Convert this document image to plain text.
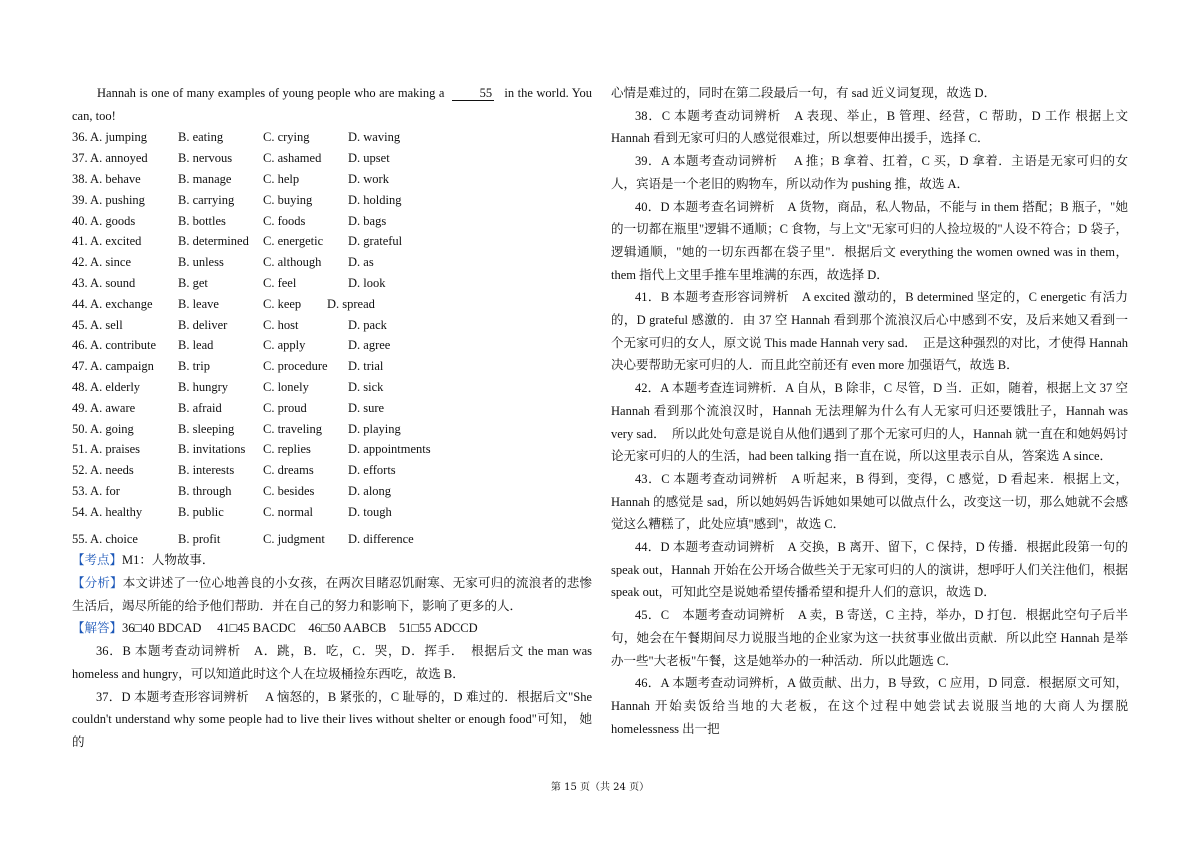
Hannah is one of many examples of young people who are making a	55 in the world. You can, too!

36. A. jumping B. eating	C. crying	D. waving
37. A. annoyed B. nervous C. ashamed D. upset
38. A. behave	B. manage	C. help	D. work
39. A. pushing	B. carrying C. buying	D. holding
40. A. goods	B. bottles	C. foods	D. bags
41. A. excited	B. determined C. energetic D. grateful
42. A. since	B. unless	C. although D. as
43. A. sound	B. get	C. feel	D. look
44. A. exchange B. leave	C. keep D. spread
45. A. sell	B. deliver	C. host	D. pack
46. A. contribute B. lead	C. apply	D. agree
47. A. campaign B. trip	C. procedure D. trial
48. A. elderly	B. hungry	C. lonely	D. sick
49. A. aware	B. afraid	C. proud	D. sure
50. A. going	B. sleeping C. traveling D. playing
51. A. praises	B. invitations C. replies	D. appointments
52. A. needs	B. interests C. dreams	D. efforts
53. A. for	B. through	C. besides	D. along
54. A. healthy	B. public	C. normal	D. tough
55. A. choice	B. profit	C. judgment D. difference

【考点】M1：人物故事．

【分析】本文讲述了一位心地善良的小女孩，在两次目睹忍饥耐寒、无家可归的流浪者的悲惨生活后，竭尽所能的给予他们帮助．并在自己的努力和影响下，影响了更多的人．

【解答】36□40 BDCAD　 41□45 BACDC　46□50 AABCB　51□55 ADCCD

36．B 本题考查动词辨析　A．跳，B．吃，C．哭，D．挥手．　根据后文 the man was homeless and hungry，可以知道此时这个人在垃圾桶捡东西吃，故选 B．

37．D 本题考查形容词辨析　 A 恼怒的，B 紧张的，C 耻辱的，D 难过的．根据后文"She couldn't understand why some people had to live their lives without shelter or enough food"可知， 她的

心情是难过的，同时在第二段最后一句，有 sad 近义词复现，故选 D．

38．C 本题考查动词辨析　A 表现、举止，B 管理、经营，C 帮助，D 工作 根据上文 Hannah 看到无家可归的人感觉很难过，所以想要伸出援手，选择 C．

39．A 本题考查动词辨析　 A 推；B 拿着、扛着，C 买，D 拿着．主语是无家可归的女人，宾语是一个老旧的购物车，所以动作为 pushing 推，故选 A．

40．D 本题考查名词辨析　A 货物，商品，私人物品，不能与 in them 搭配；B 瓶子，"她的一切都在瓶里"逻辑不通顺；C 食物，与上文"无家可归的人捡垃圾的"人设不符合；D 袋子，逻辑通顺，"她的一切东西都在袋子里"．根据后文 everything the women owned was in them，them 指代上文里手推车里堆满的东西，故选择 D．

41．B 本题考查形容词辨析　A excited 激动的，B determined 坚定的，C energetic 有活力的，D grateful 感激的．由 37 空 Hannah 看到那个流浪汉后心中感到不安，及后来她又看到一个无家可归的女人，原文说 This made Hannah very sad．　正是这种强烈的对比，才使得 Hannah 决心要帮助无家可归的人．而且此空前还有 even more 加强语气，故选 B．

42．A 本题考查连词辨析．A 自从，B 除非，C 尽管，D 当．正如，随着，根据上文 37 空 Hannah 看到那个流浪汉时，Hannah 无法理解为什么有人无家可归还要饿肚子，Hannah was very sad．　所以此处句意是说自从他们遇到了那个无家可归的人，Hannah 就一直在和她妈妈讨论无家可归的人的生活，had been talking 指一直在说，所以这里表示自从，答案选 A since．

43．C 本题考查动词辨析　A 听起来，B 得到，变得，C 感觉，D 看起来．根据上文，Hannah 的感觉是 sad，所以她妈妈告诉她如果她可以做点什么，改变这一切，那么她就不会感觉这么糟糕了，此处应填"感到"，故选 C．

44．D 本题考查动词辨析　A 交换，B 离开、留下，C 保持，D 传播．根据此段第一句的 speak out，Hannah 开始在公开场合做些关于无家可归的人的演讲，想呼吁人们关注他们，根据 speak out，可知此空是说她希望传播希望和提升人们的意识，故选 D．

45．C　本题考查动词辨析　A 卖，B 寄送，C 主持，举办，D 打包．根据此空句子后半句，她会在午餐期间尽力说服当地的企业家为这一扶贫事业做出贡献．所以此空 Hannah 是举办一些"大老板"午餐，这是她举办的一种活动．所以此题选 C．

46．A 本题考查动词辨析，A 做贡献、出力，B 导致，C 应用，D 同意．根据原文可知，Hannah 开始卖饭给当地的大老板，在这个过程中她尝试去说服当地的大商人为摆脱 homelessness 出一把

第 15 页（共 24 页）
